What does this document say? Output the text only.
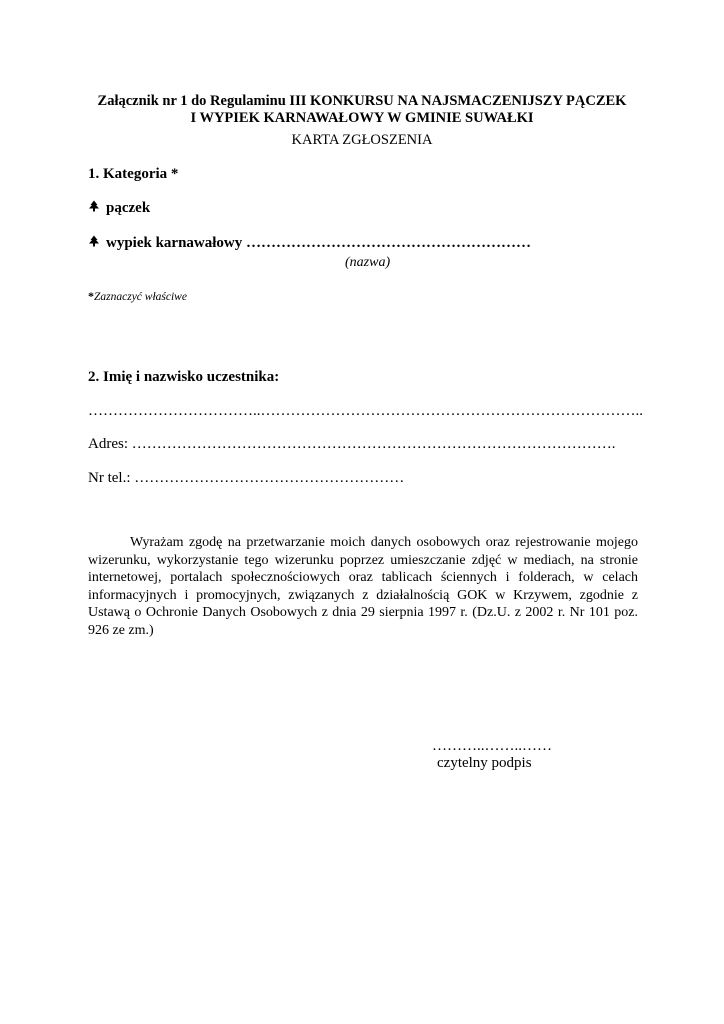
Załącznik nr 1 do Regulaminu III KONKURSU NA NAJSMACZENIJSZY PĄCZEK
I WYPIEK KARNAWAŁOWY W GMINIE SUWAŁKI
KARTA ZGŁOSZENIA
1. Kategoria *
pączek
wypiek karnawałowy …………………………………………………
(nazwa)
*Zaznaczyć właściwe
2. Imię i nazwisko uczestnika:
……………………………..…………………………………………………………………..
Adres: …………………………………………………………………………………….
Nr tel.: ………………………………………………

Wyrażam zgodę na przetwarzanie moich danych osobowych oraz rejestrowanie mojego wizerunku, wykorzystanie tego wizerunku poprzez umieszczanie zdjęć w mediach, na stronie internetowej, portalach społecznościowych oraz tablicach ściennych i folderach, w celach informacyjnych i promocyjnych, związanych z działalnością GOK w Krzywem, zgodnie z Ustawą o Ochronie Danych Osobowych z dnia 29 sierpnia 1997 r. (Dz.U. z 2002 r. Nr 101 poz. 926 ze zm.)

………..……..……
czytelny podpis
